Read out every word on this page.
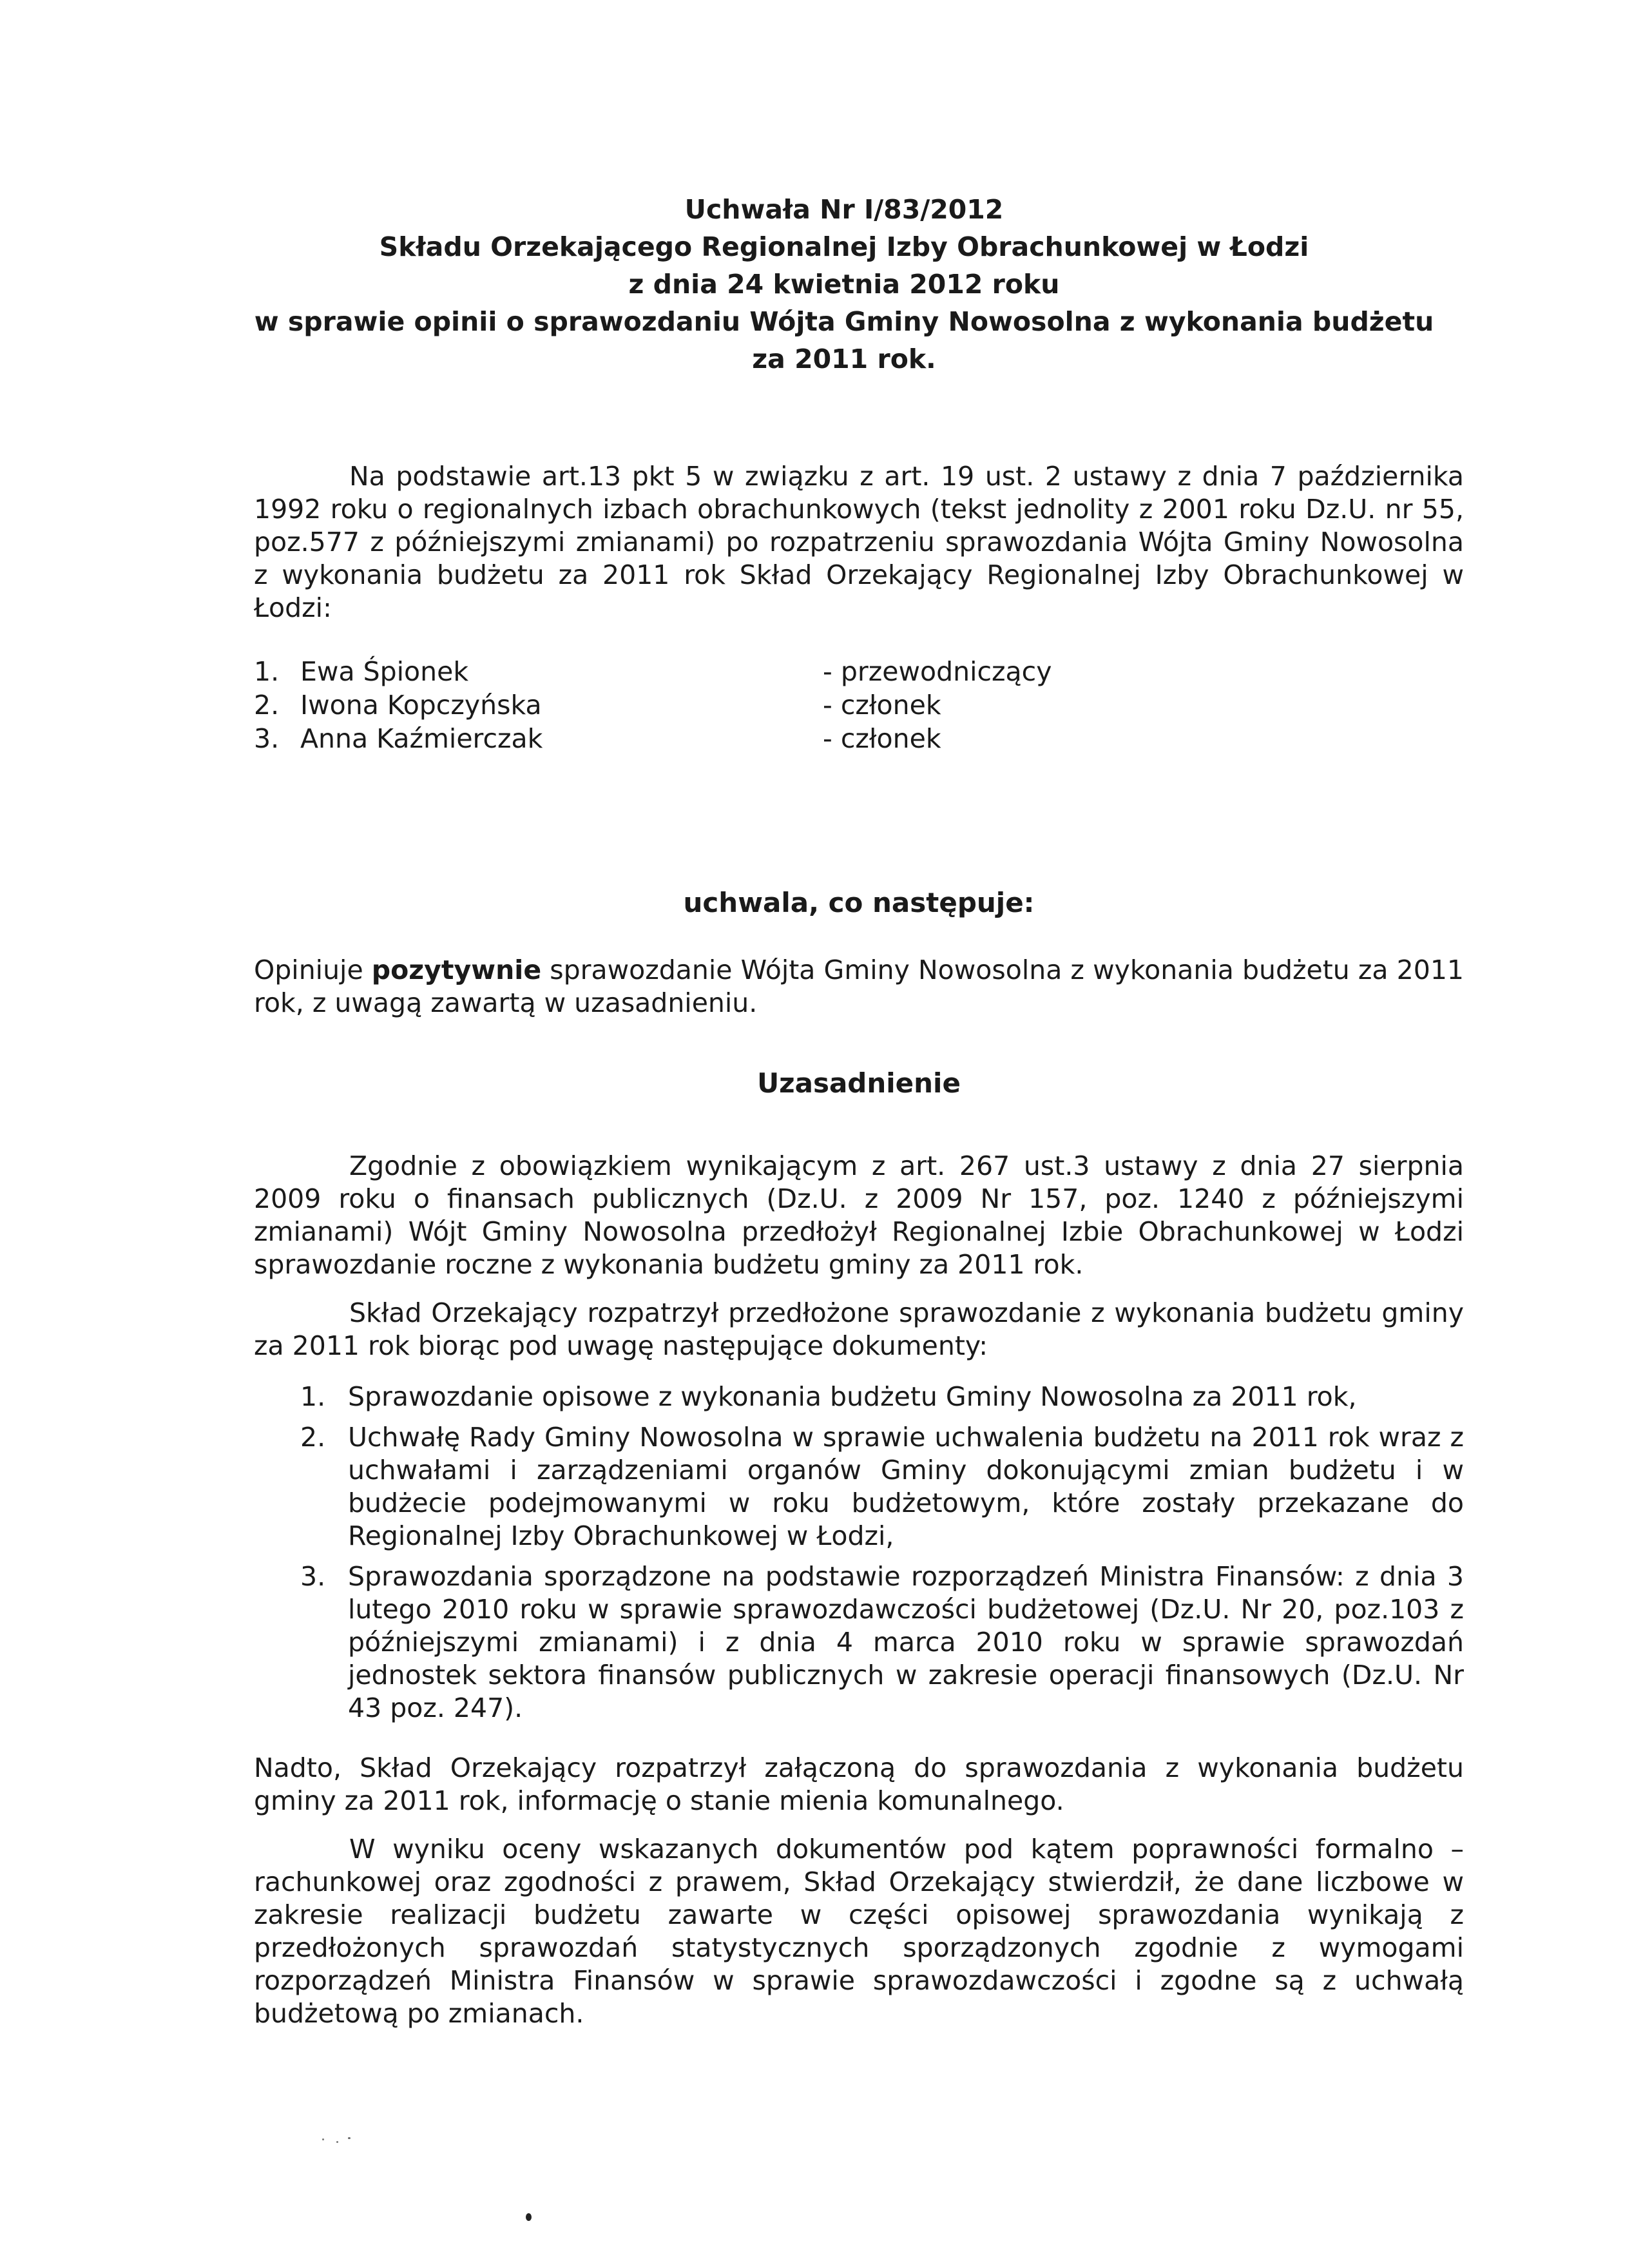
Uchwała Nr I/83/2012
Składu Orzekającego Regionalnej Izby Obrachunkowej w Łodzi
z dnia 24 kwietnia 2012 roku
w sprawie opinii o sprawozdaniu Wójta Gminy Nowosolna z wykonania budżetu
za 2011 rok.

Na podstawie art.13 pkt 5 w związku z art. 19 ust. 2 ustawy z dnia 7 października 1992 roku o regionalnych izbach obrachunkowych (tekst jednolity z 2001 roku Dz.U. nr 55, poz.577 z późniejszymi zmianami) po rozpatrzeniu sprawozdania Wójta Gminy Nowosolna z wykonania budżetu za 2011 rok Skład Orzekający Regionalnej Izby Obrachunkowej w Łodzi:

1. Ewa Śpionek	- przewodniczący
2. Iwona Kopczyńska	- członek
3. Anna Kaźmierczak	- członek
uchwala, co następuje:

Opiniuje pozytywnie sprawozdanie Wójta Gminy Nowosolna z wykonania budżetu za 2011 rok, z uwagą zawartą w uzasadnieniu.

Uzasadnienie

Zgodnie z obowiązkiem wynikającym z art. 267 ust.3 ustawy z dnia 27 sierpnia 2009 roku o finansach publicznych (Dz.U. z 2009 Nr 157, poz. 1240 z późniejszymi zmianami) Wójt Gminy Nowosolna przedłożył Regionalnej Izbie Obrachunkowej w Łodzi sprawozdanie roczne z wykonania budżetu gminy za 2011 rok.

Skład Orzekający rozpatrzył przedłożone sprawozdanie z wykonania budżetu gminy za 2011 rok biorąc pod uwagę następujące dokumenty:

1. Sprawozdanie opisowe z wykonania budżetu Gminy Nowosolna za 2011 rok,
2. Uchwałę Rady Gminy Nowosolna w sprawie uchwalenia budżetu na 2011 rok wraz z uchwałami i zarządzeniami organów Gminy dokonującymi zmian budżetu i w budżecie podejmowanymi w roku budżetowym, które zostały przekazane do Regionalnej Izby Obrachunkowej w Łodzi,
3. Sprawozdania sporządzone na podstawie rozporządzeń Ministra Finansów: z dnia 3 lutego 2010 roku w sprawie sprawozdawczości budżetowej (Dz.U. Nr 20, poz.103 z późniejszymi zmianami) i z dnia 4 marca 2010 roku w sprawie sprawozdań jednostek sektora finansów publicznych w zakresie operacji finansowych (Dz.U. Nr 43 poz. 247).

Nadto, Skład Orzekający rozpatrzył załączoną do sprawozdania z wykonania budżetu gminy za 2011 rok, informację o stanie mienia komunalnego.

W wyniku oceny wskazanych dokumentów pod kątem poprawności formalno – rachunkowej oraz zgodności z prawem, Skład Orzekający stwierdził, że dane liczbowe w zakresie realizacji budżetu zawarte w części opisowej sprawozdania wynikają z przedłożonych sprawozdań statystycznych sporządzonych zgodnie z wymogami rozporządzeń Ministra Finansów w sprawie sprawozdawczości i zgodne są z uchwałą budżetową po zmianach.
